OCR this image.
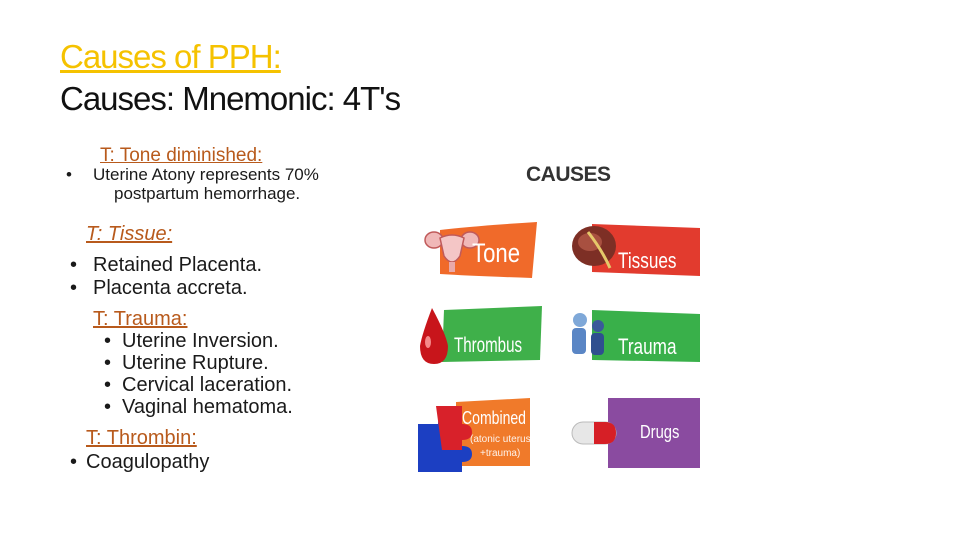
Causes of PPH:
Causes: Mnemonic: 4T's
T: Tone diminished:
• Uterine Atony represents 70%
postpartum hemorrhage.
T: Tissue:
• Retained Placenta.
• Placenta accreta.
T: Trauma:
• Uterine Inversion.
• Uterine Rupture.
• Cervical laceration.
• Vaginal hematoma.
T: Thrombin:
• Coagulopathy
CAUSES
Tone	Tissues
Thrombus	Trauma
Combined
(atonic uterus
+trauma)
Drugs
